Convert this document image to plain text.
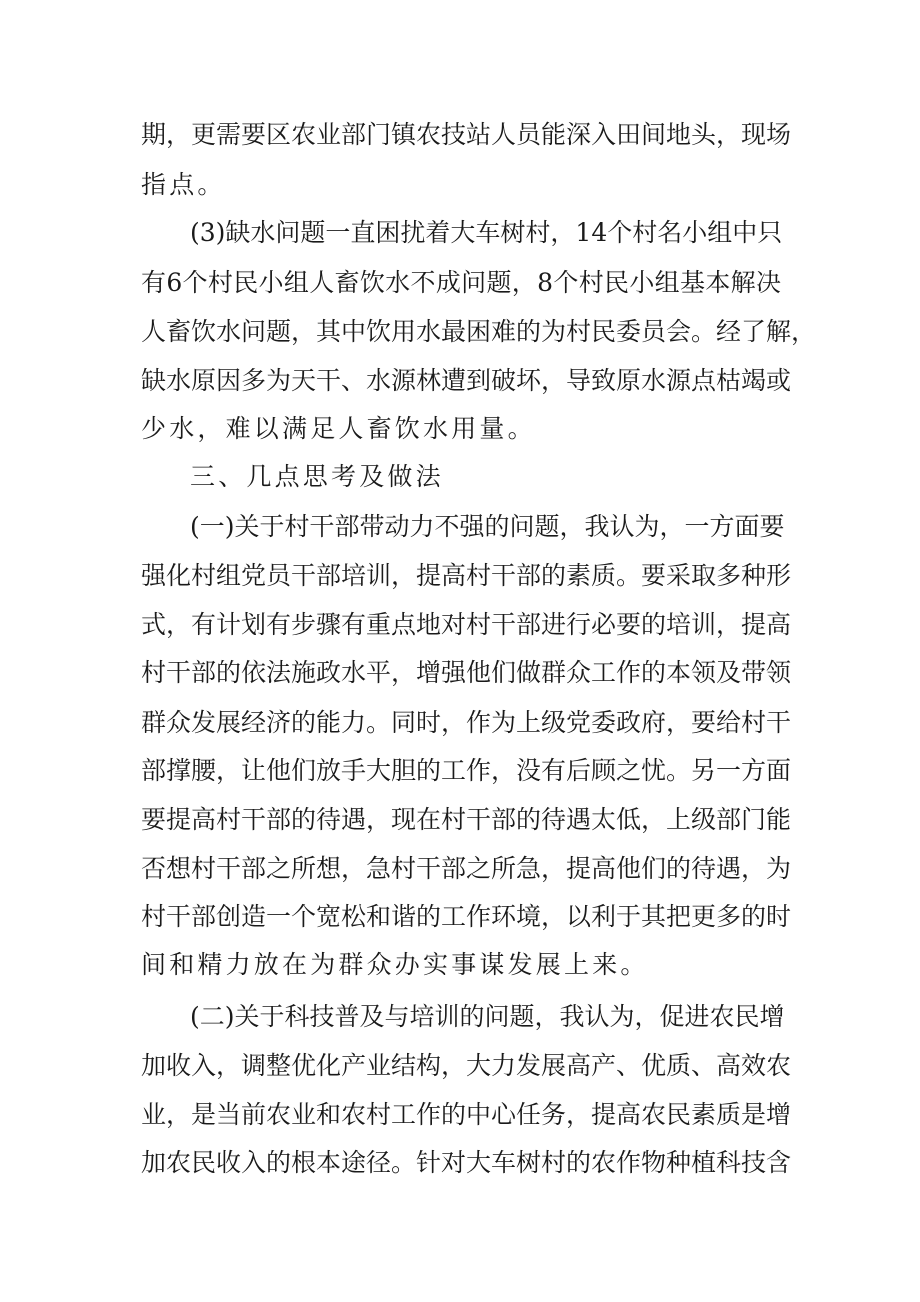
期，更需要区农业部门镇农技站人员能深入田间地头，现场
指点。
(3)缺水问题一直困扰着大车树村，14个村名小组中只
有6个村民小组人畜饮水不成问题，8个村民小组基本解决
人畜饮水问题，其中饮用水最困难的为村民委员会。经了解，
缺水原因多为天干、水源林遭到破坏，导致原水源点枯竭或
少水，难以满足人畜饮水用量。
三、几点思考及做法
(一)关于村干部带动力不强的问题，我认为，一方面要
强化村组党员干部培训，提高村干部的素质。要采取多种形
式，有计划有步骤有重点地对村干部进行必要的培训，提高
村干部的依法施政水平，增强他们做群众工作的本领及带领
群众发展经济的能力。同时，作为上级党委政府，要给村干
部撑腰，让他们放手大胆的工作，没有后顾之忧。另一方面
要提高村干部的待遇，现在村干部的待遇太低，上级部门能
否想村干部之所想，急村干部之所急，提高他们的待遇，为
村干部创造一个宽松和谐的工作环境，以利于其把更多的时
间和精力放在为群众办实事谋发展上来。
(二)关于科技普及与培训的问题，我认为，促进农民增
加收入，调整优化产业结构，大力发展高产、优质、高效农
业，是当前农业和农村工作的中心任务，提高农民素质是增
加农民收入的根本途径。针对大车树村的农作物种植科技含
